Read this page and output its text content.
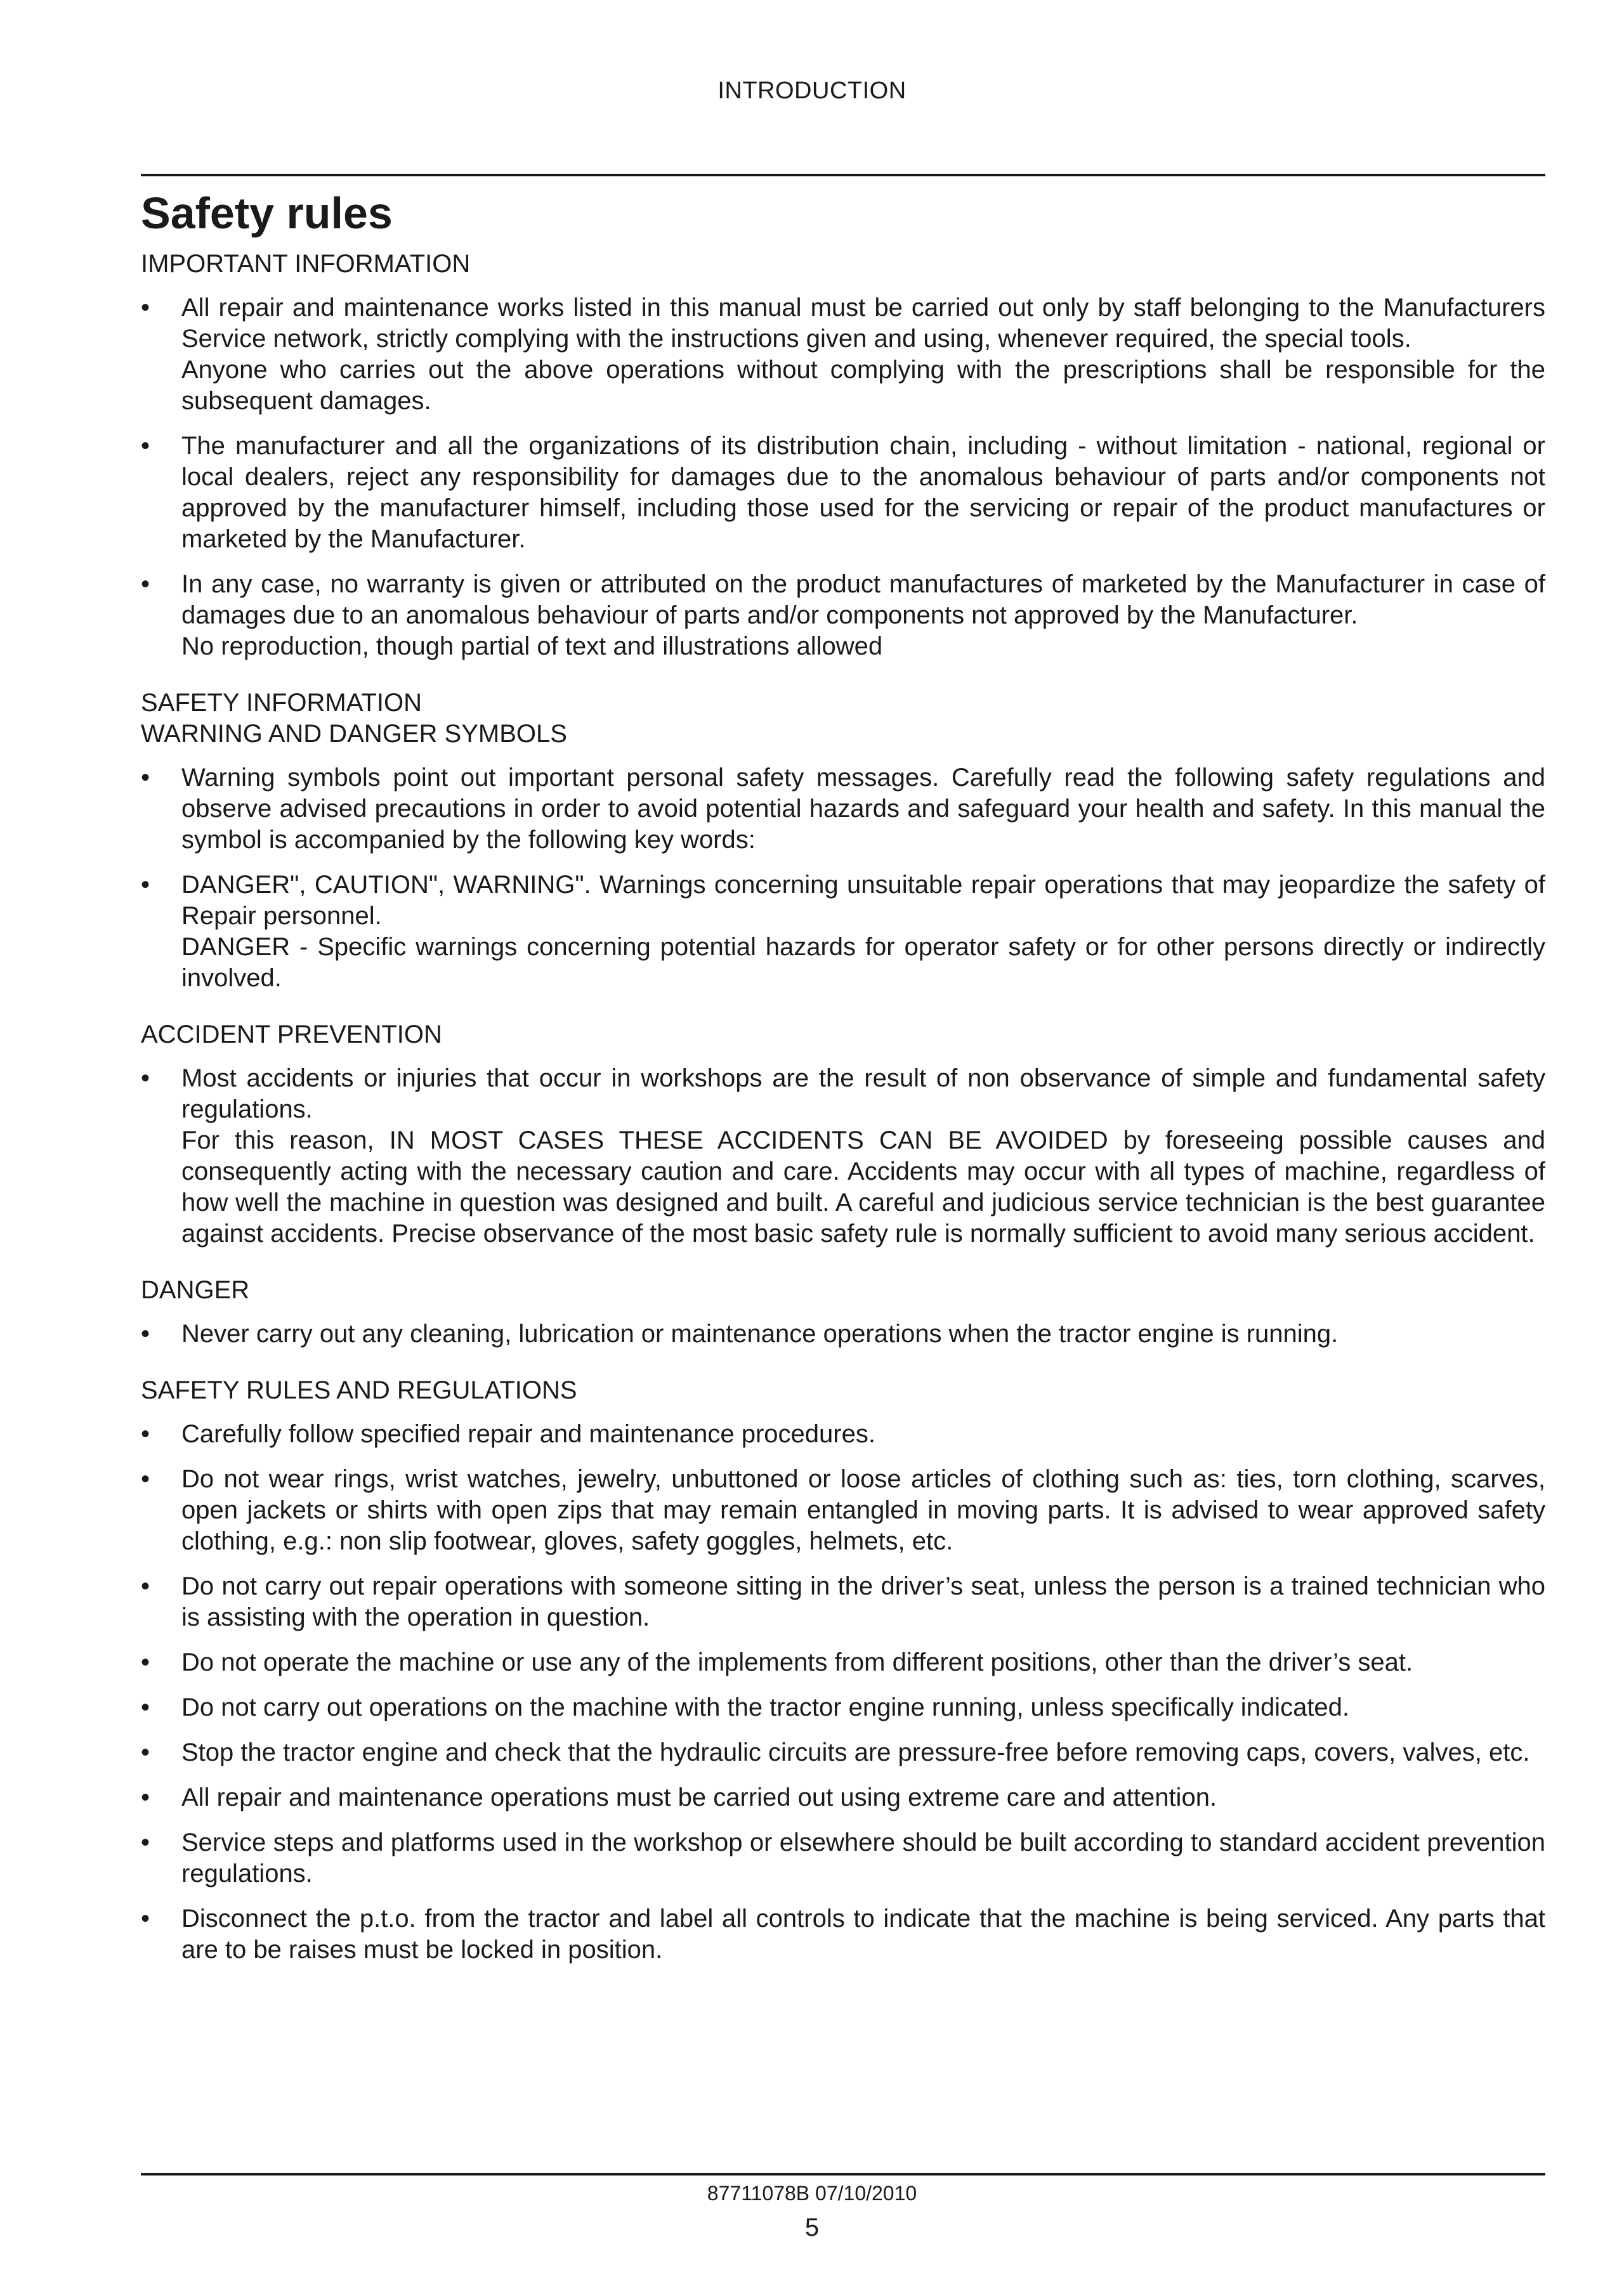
INTRODUCTION
Safety rules
IMPORTANT INFORMATION
•	All repair and maintenance works listed in this manual must be carried out only by staff belonging to the Manufacturers Service network, strictly complying with the instructions given and using, whenever required, the special tools.

Anyone who carries out the above operations without complying with the prescriptions shall be responsible for the subsequent damages.

•	The manufacturer and all the organizations of its distribution chain, including - without limitation - national, regional or local dealers, reject any responsibility for damages due to the anomalous behaviour of parts and/or components not approved by the manufacturer himself, including those used for the servicing or repair of the product manufactures or marketed by the Manufacturer.

•	In any case, no warranty is given or attributed on the product manufactures of marketed by the Manufacturer in case of damages due to an anomalous behaviour of parts and/or components not approved by the Manufacturer.

No reproduction, though partial of text and illustrations allowed

SAFETY INFORMATION
WARNING AND DANGER SYMBOLS
•	Warning symbols point out important personal safety messages. Carefully read the following safety regulations and observe advised precautions in order to avoid potential hazards and safeguard your health and safety. In this manual the symbol is accompanied by the following key words:

•	DANGER", CAUTION", WARNING". Warnings concerning unsuitable repair operations that may jeopardize the safety of Repair personnel.

DANGER - Specific warnings concerning potential hazards for operator safety or for other persons directly or indirectly involved.

ACCIDENT PREVENTION
•	Most accidents or injuries that occur in workshops are the result of non observance of simple and fundamental safety regulations.

For this reason, IN MOST CASES THESE ACCIDENTS CAN BE AVOIDED by foreseeing possible causes and consequently acting with the necessary caution and care. Accidents may occur with all types of machine, regardless of how well the machine in question was designed and built. A careful and judicious service technician is the best guarantee against accidents. Precise observance of the most basic safety rule is normally sufficient to avoid many serious accident.

DANGER
•	Never carry out any cleaning, lubrication or maintenance operations when the tractor engine is running.

SAFETY RULES AND REGULATIONS
•	Carefully follow specified repair and maintenance procedures.

•	Do not wear rings, wrist watches, jewelry, unbuttoned or loose articles of clothing such as: ties, torn clothing, scarves, open jackets or shirts with open zips that may remain entangled in moving parts. It is advised to wear approved safety clothing, e.g.: non slip footwear, gloves, safety goggles, helmets, etc.

•	Do not carry out repair operations with someone sitting in the driver’s seat, unless the person is a trained technician who is assisting with the operation in question.

•	Do not operate the machine or use any of the implements from different positions, other than the driver’s seat.

•	Do not carry out operations on the machine with the tractor engine running, unless specifically indicated.

•	Stop the tractor engine and check that the hydraulic circuits are pressure-free before removing caps, covers, valves, etc.

•	All repair and maintenance operations must be carried out using extreme care and attention.

•	Service steps and platforms used in the workshop or elsewhere should be built according to standard accident prevention regulations.

•	Disconnect the p.t.o. from the tractor and label all controls to indicate that the machine is being serviced. Any parts that are to be raises must be locked in position.

87711078B 07/10/2010
5
